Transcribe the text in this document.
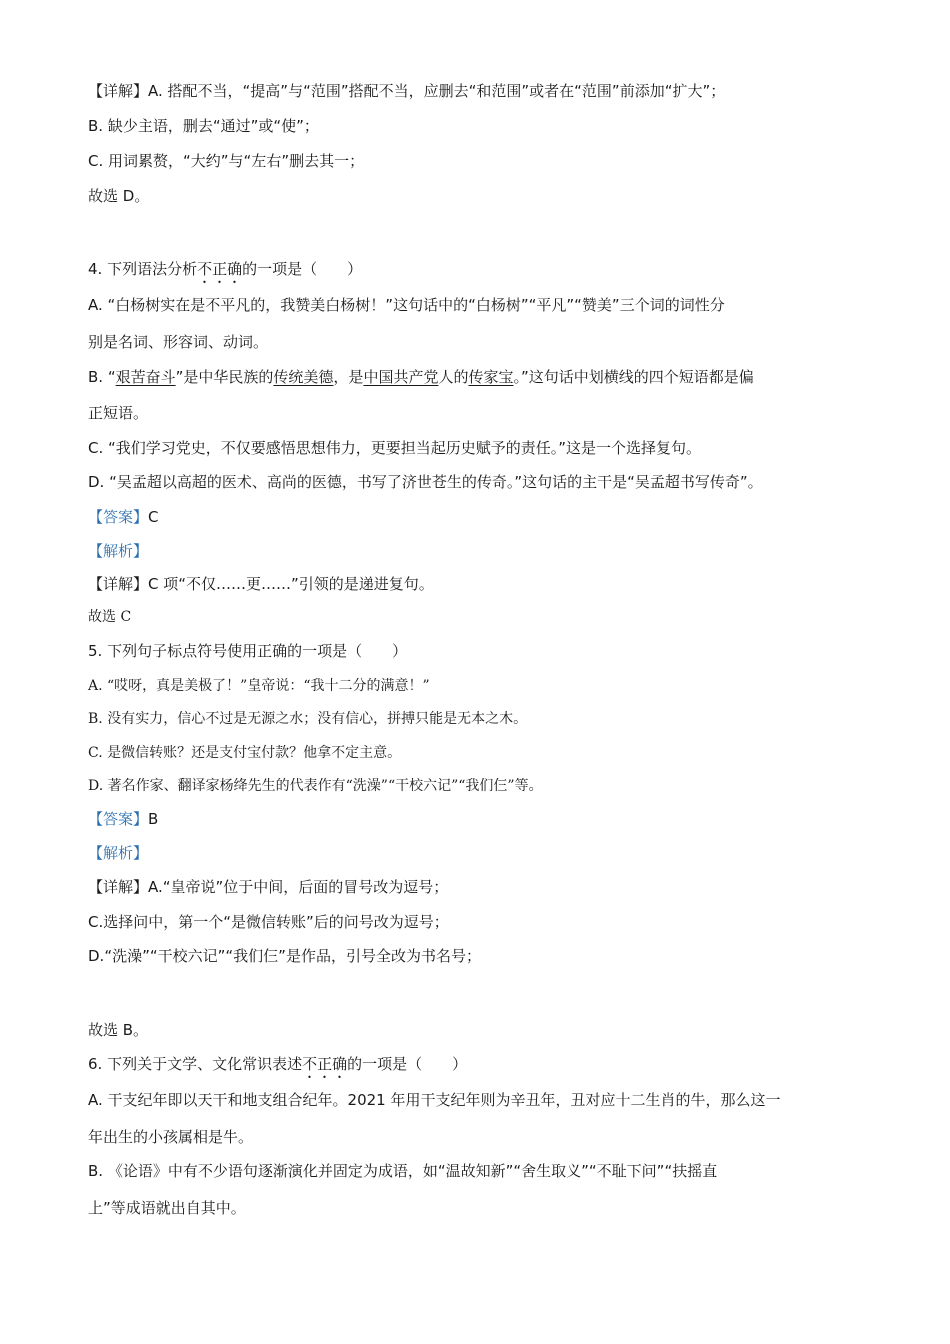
【详解】A. 搭配不当，“提高”与“范围”搭配不当，应删去“和范围”或者在“范围”前添加“扩大”；
B. 缺少主语，删去“通过”或“使”；
C. 用词累赘，“大约”与“左右”删去其一；
故选 D。
4. 下列语法分析不正确的一项是（　　）
A. “白杨树实在是不平凡的，我赞美白杨树！”这句话中的“白杨树”“平凡”“赞美”三个词的词性分
别是名词、形容词、动词。
B. “艰苦奋斗”是中华民族的传统美德，是中国共产党人的传家宝。”这句话中划横线的四个短语都是偏
正短语。
C. “我们学习党史，不仅要感悟思想伟力，更要担当起历史赋予的责任。”这是一个选择复句。
D. “吴孟超以高超的医术、高尚的医德，书写了济世苍生的传奇。”这句话的主干是“吴孟超书写传奇”。
【答案】C
【解析】
【详解】C 项“不仅……更……”引领的是递进复句。
故选 C
5. 下列句子标点符号使用正确的一项是（　　）
A. “哎呀，真是美极了！”皇帝说：“我十二分的满意！”
B. 没有实力，信心不过是无源之水；没有信心，拼搏只能是无本之木。
C. 是微信转账？还是支付宝付款？他拿不定主意。
D. 著名作家、翻译家杨绛先生的代表作有“洗澡”“干校六记”“我们仨”等。
【答案】B
【解析】
【详解】A.“皇帝说”位于中间，后面的冒号改为逗号；
C.选择问中，第一个“是微信转账”后的问号改为逗号；
D.“洗澡”“干校六记”“我们仨”是作品，引号全改为书名号；
故选 B。
6. 下列关于文学、文化常识表述不正确的一项是（　　）
A. 干支纪年即以天干和地支组合纪年。2021 年用干支纪年则为辛丑年，丑对应十二生肖的牛，那么这一
年出生的小孩属相是牛。
B. 《论语》中有不少语句逐渐演化并固定为成语，如“温故知新”“舍生取义”“不耻下问”“扶摇直
上”等成语就出自其中。
